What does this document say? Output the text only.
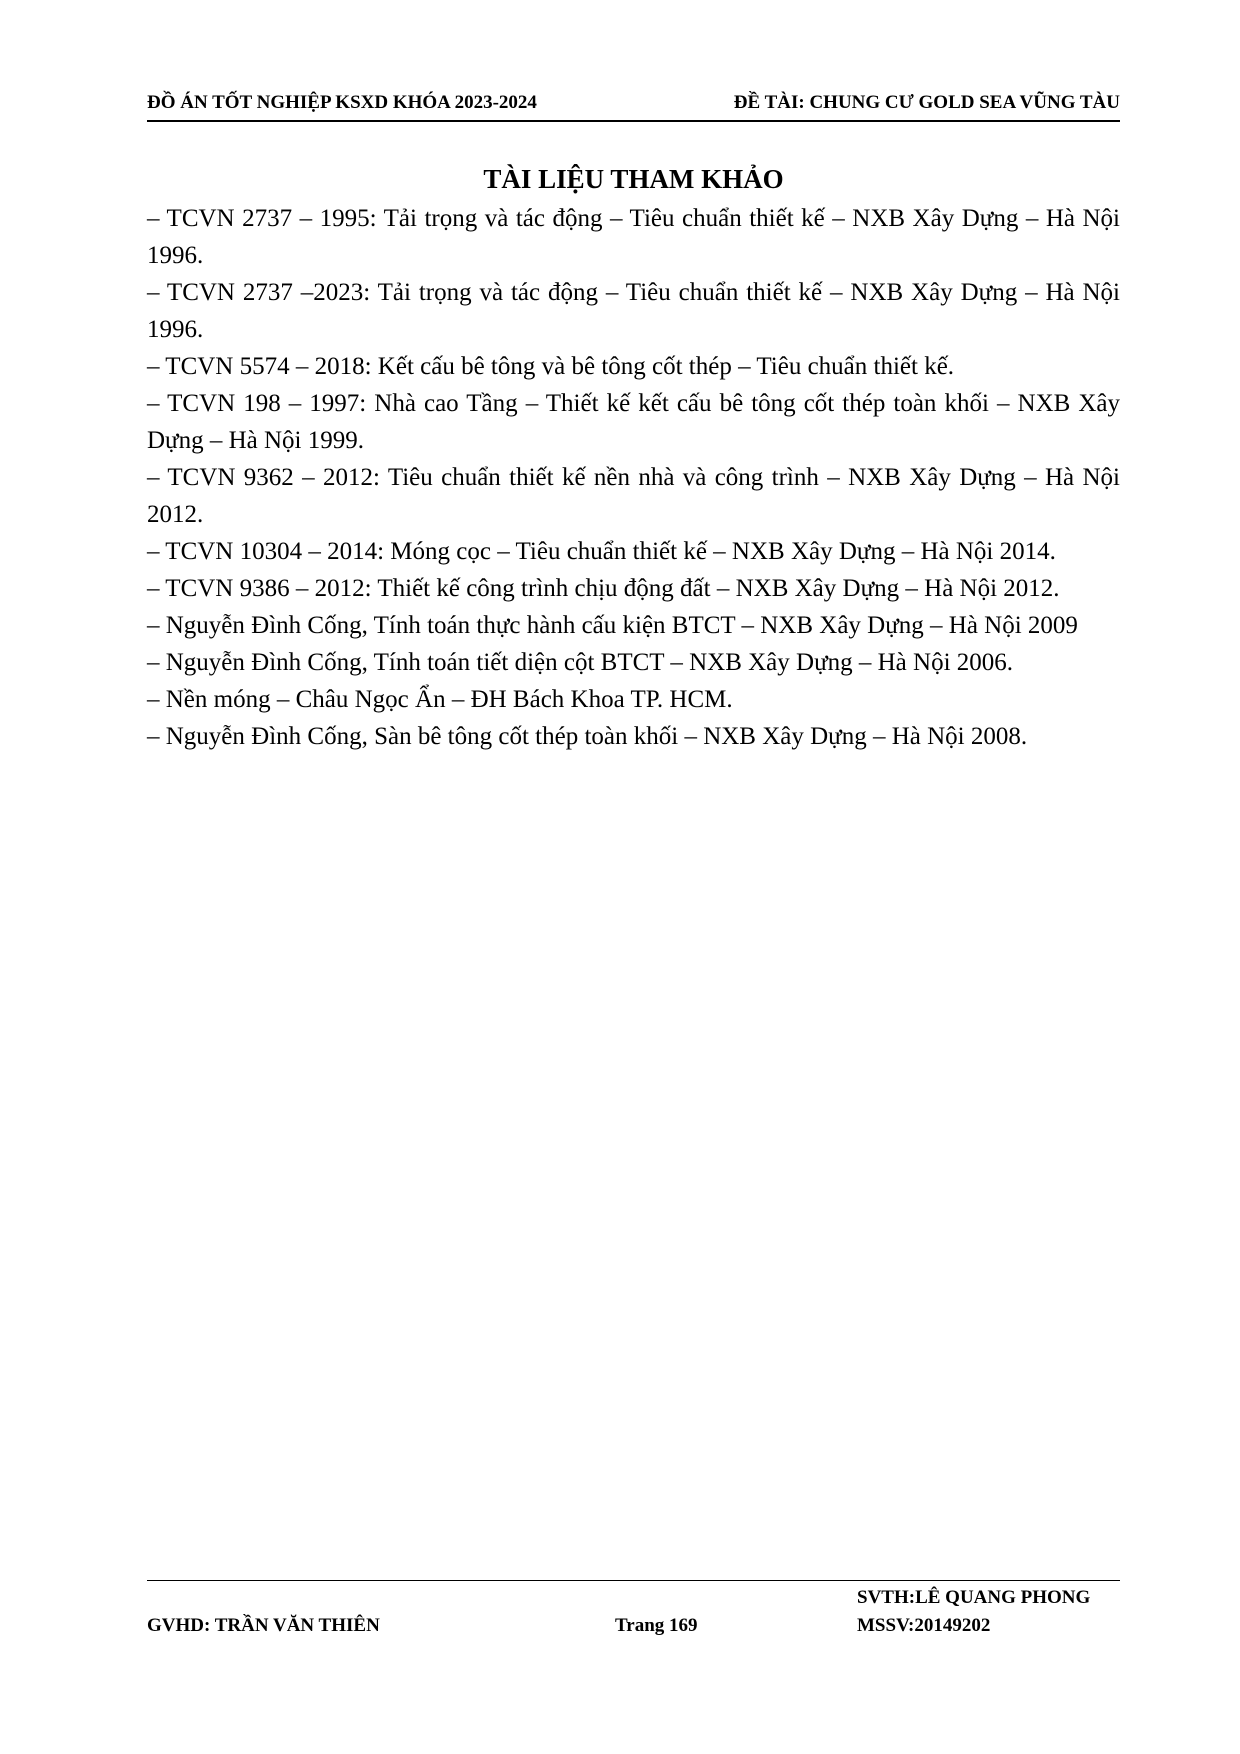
ĐỒ ÁN TỐT NGHIỆP KSXD KHÓA 2023-2024	ĐỀ TÀI: CHUNG CƯ GOLD SEA VŨNG TÀU
TÀI LIỆU THAM KHẢO

– TCVN 2737 – 1995: Tải trọng và tác động – Tiêu chuẩn thiết kế – NXB Xây Dựng – Hà Nội 1996.

– TCVN 2737 –2023: Tải trọng và tác động – Tiêu chuẩn thiết kế – NXB Xây Dựng – Hà Nội 1996.

– TCVN 5574 – 2018: Kết cấu bê tông và bê tông cốt thép – Tiêu chuẩn thiết kế.

– TCVN 198 – 1997: Nhà cao Tầng – Thiết kế kết cấu bê tông cốt thép toàn khối – NXB Xây Dựng – Hà Nội 1999.

– TCVN 9362 – 2012: Tiêu chuẩn thiết kế nền nhà và công trình – NXB Xây Dựng – Hà Nội 2012.

– TCVN 10304 – 2014: Móng cọc – Tiêu chuẩn thiết kế – NXB Xây Dựng – Hà Nội 2014.

– TCVN 9386 – 2012: Thiết kế công trình chịu động đất – NXB Xây Dựng – Hà Nội 2012.

– Nguyễn Đình Cống, Tính toán thực hành cấu kiện BTCT – NXB Xây Dựng – Hà Nội 2009

– Nguyễn Đình Cống, Tính toán tiết diện cột BTCT – NXB Xây Dựng – Hà Nội 2006.

– Nền móng – Châu Ngọc Ẩn – ĐH Bách Khoa TP. HCM.

– Nguyễn Đình Cống, Sàn bê tông cốt thép toàn khối – NXB Xây Dựng – Hà Nội 2008.

GVHD: TRẦN VĂN THIÊN	Trang 169
SVTH:LÊ QUANG PHONG
MSSV:20149202
